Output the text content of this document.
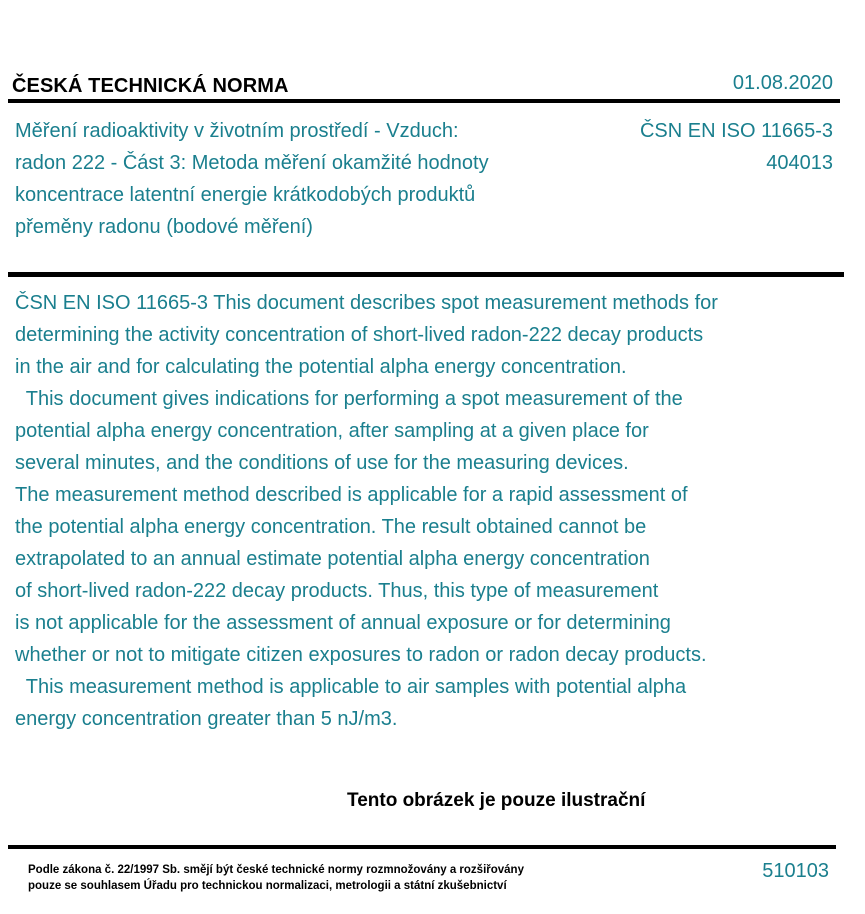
ČESKÁ TECHNICKÁ NORMA	01.08.2020
Měření radioaktivity v životním prostředí - Vzduch:
radon 222 - Část 3: Metoda měření okamžité hodnoty
koncentrace latentní energie krátkodobých produktů
přeměny radonu (bodové měření)
ČSN EN ISO 11665-3
404013
ČSN EN ISO 11665-3 This document describes spot measurement methods for
determining the activity concentration of short-lived radon-222 decay products
in the air and for calculating the potential alpha energy concentration.
This document gives indications for performing a spot measurement of the
potential alpha energy concentration, after sampling at a given place for
several minutes, and the conditions of use for the measuring devices.
The measurement method described is applicable for a rapid assessment of
the potential alpha energy concentration. The result obtained cannot be
extrapolated to an annual estimate potential alpha energy concentration
of short-lived radon-222 decay products. Thus, this type of measurement
is not applicable for the assessment of annual exposure or for determining
whether or not to mitigate citizen exposures to radon or radon decay products.
This measurement method is applicable to air samples with potential alpha
energy concentration greater than 5 nJ/m3.
Tento obrázek je pouze ilustrační
Podle zákona č. 22/1997 Sb. smějí být české technické normy rozmnožovány a rozšiřovány
pouze se souhlasem Úřadu pro technickou normalizaci, metrologii a státní zkušebnictví
510103
